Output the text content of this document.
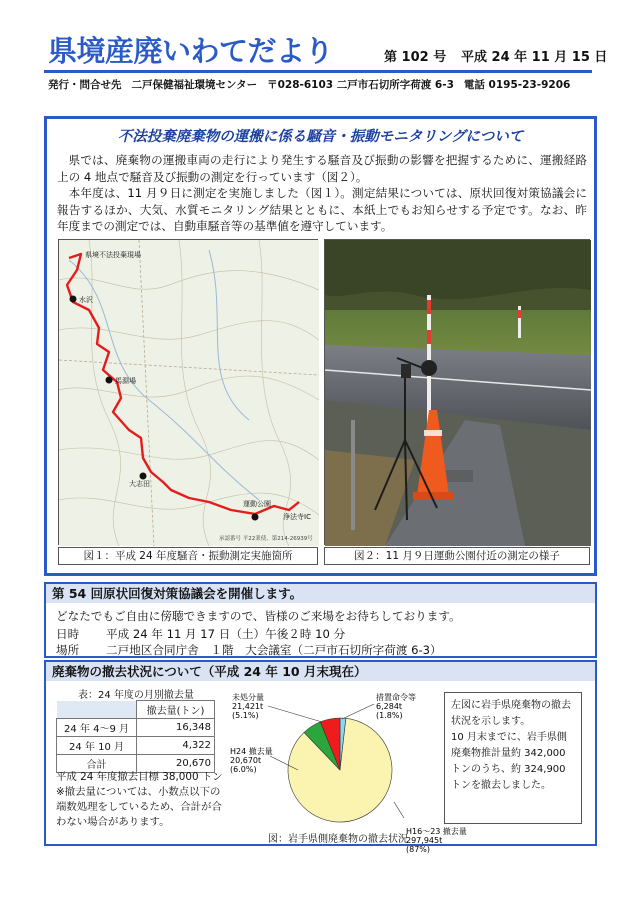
県境産廃いわてだより	第 102 号 平成 24 年 11 月 15 日
発行・問合せ先 二戸保健福祉環境センター 〒028-6103 二戸市石切所字荷渡 6-3 電話 0195-23-9206
不法投棄廃棄物の運搬に係る騒音・振動モニタリングについて

県では、廃棄物の運搬車両の走行により発生する騒音及び振動の影響を把握するために、運搬経路上の 4 地点で騒音及び振動の測定を行っています（図２）。

本年度は、11 月９日に測定を実施しました（図１）。測定結果については、原状回復対策協議会に報告するほか、大気、水質モニタリング結果とともに、本紙上でもお知らせする予定です。なお、昨年度までの測定では、自動車騒音等の基準値を遵守しています。

県境不法投棄現場
水沢
馬淵場
大志田
運動公園
浄法寺IC
承認番号 平22業使、第214-26939号
図１：平成 24 年度騒音・振動測定実施箇所	図２：11 月９日運動公園付近の測定の様子
第 54 回原状回復対策協議会を開催します。
どなたでもご自由に傍聴できますので、皆様のご来場をお待ちしております。
日時 平成 24 年 11 月 17 日（土）午後２時 10 分
場所 二戸地区合同庁舎　１階　大会議室（二戸市石切所字荷渡 6-3）
廃棄物の撤去状況について（平成 24 年 10 月末現在）
表：24 年度の月別撤去量
	撤去量(トン)
24 年 4～9 月	16,348
24 年 10 月	4,322
合計	20,670
平成 24 年度撤去目標 38,000 トン
※撤去量については、小数点以下の端数処理をしているため、合計が合わない場合があります。
H16～23 撤去量 297,945t (87%)
H24 撤去量 20,670t (6.0%)
未処分量 21,421t (5.1%)
措置命令等 6,284t (1.8%)
図：岩手県側廃棄物の撤去状況
左図に岩手県廃棄物の撤去状況を示します。
10 月末までに、岩手県側廃棄物推計量約 342,000 トンのうち、約 324,900 トンを撤去しました。
